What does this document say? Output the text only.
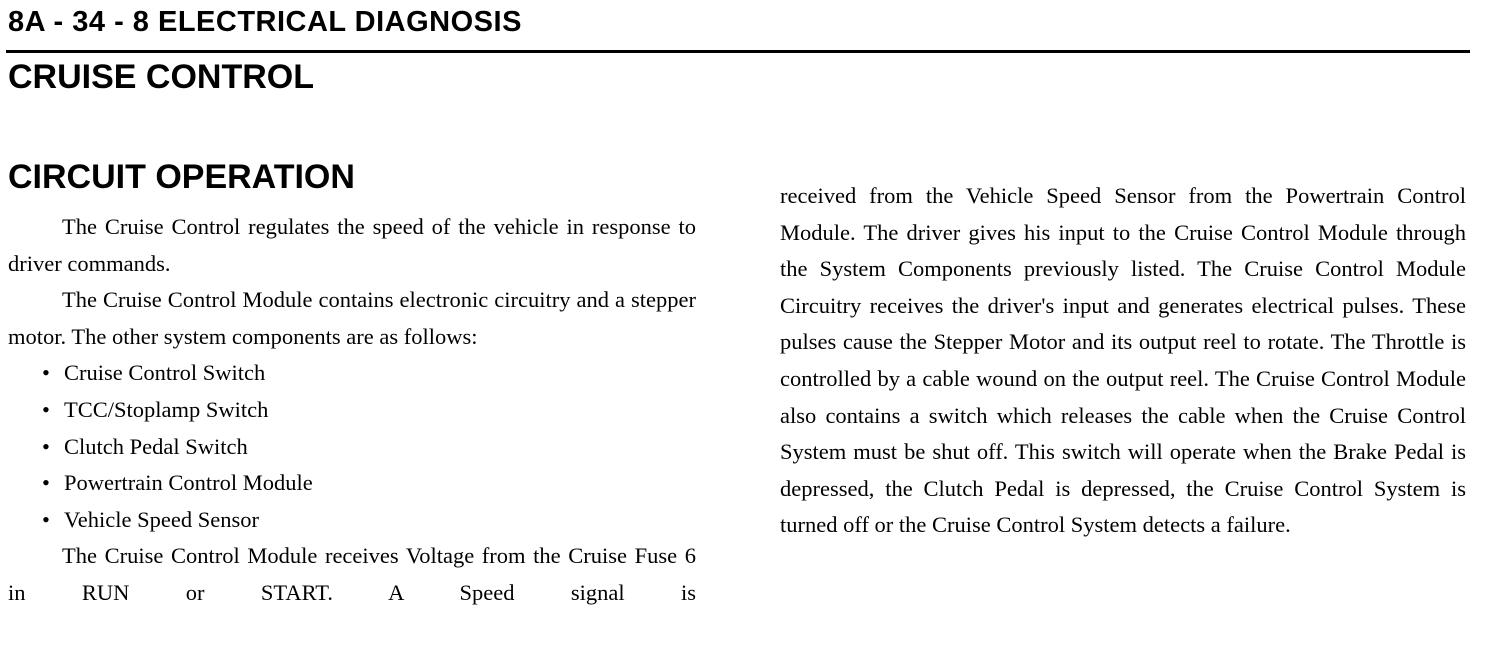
8A - 34 - 8 ELECTRICAL DIAGNOSIS
CRUISE CONTROL
CIRCUIT OPERATION

The Cruise Control regulates the speed of the vehicle in response to driver commands.

The Cruise Control Module contains electronic circuitry and a stepper motor. The other system components are as follows:

• Cruise Control Switch
• TCC/Stoplamp Switch
• Clutch Pedal Switch
• Powertrain Control Module
• Vehicle Speed Sensor

The Cruise Control Module receives Voltage from the Cruise Fuse 6 in RUN or START. A Speed signal is

received from the Vehicle Speed Sensor from the Powertrain Control Module. The driver gives his input to the Cruise Control Module through the System Components previously listed. The Cruise Control Module Circuitry receives the driver's input and generates electrical pulses. These pulses cause the Stepper Motor and its output reel to rotate. The Throttle is controlled by a cable wound on the output reel. The Cruise Control Module also contains a switch which releases the cable when the Cruise Control System must be shut off. This switch will operate when the Brake Pedal is depressed, the Clutch Pedal is depressed, the Cruise Control System is turned off or the Cruise Control System detects a failure.
